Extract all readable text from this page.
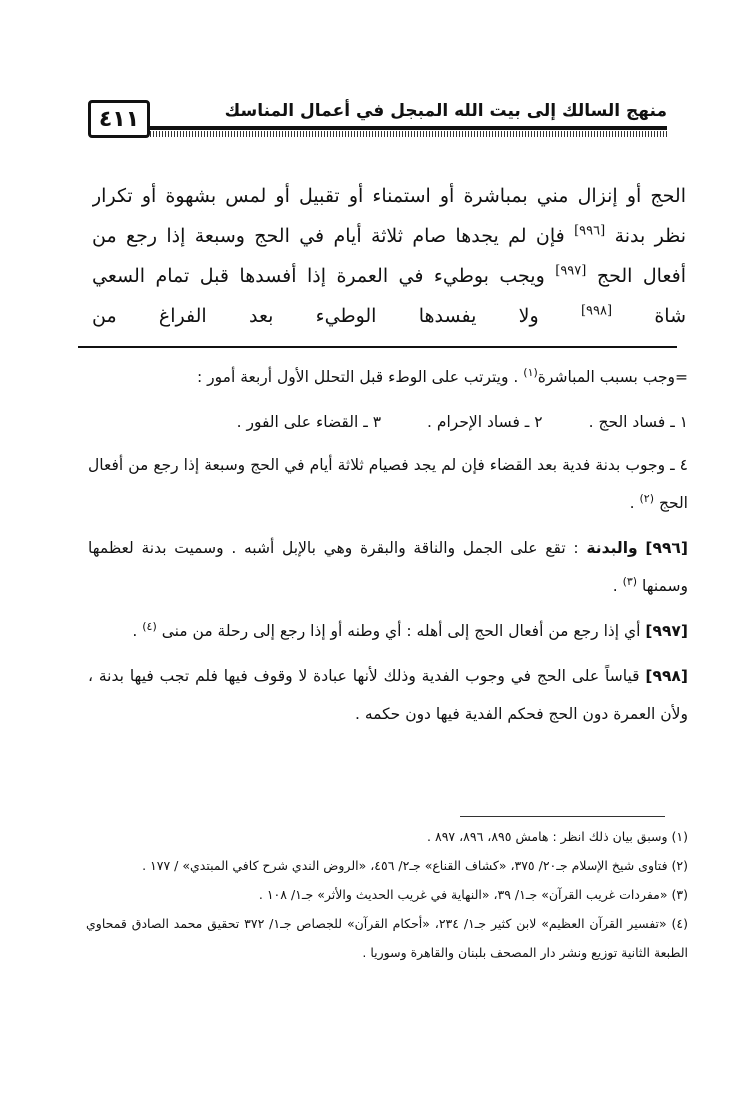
٤١١	منهج السالك إلى بيت الله المبجل في أعمال المناسك
الحج أو إنزال مني بمباشرة أو استمناء أو تقبيل أو لمس بشهوة أو تكرار
نظر بدنة [٩٩٦] فإن لم يجدها صام ثلاثة أيام في الحج وسبعة إذا رجع من
أفعال الحج [٩٩٧] ويجب بوطيء في العمرة إذا أفسدها قبل تمام السعي
شاة [٩٩٨] ولا يفسدها الوطيء بعد الفراغ من

=وجب بسبب المباشرة$^{(١)}$ . ويترتب على الوطء قبل التحلل الأول أربعة أمور :

١ ـ فساد الحج .
٢ ـ فساد الإحرام .
٣ ـ القضاء على الفور .

٤ ـ وجوب بدنة فدية بعد القضاء فإن لم يجد فصيام ثلاثة أيام في الحج وسبعة إذا رجع من أفعال الحج $^{(٢)}$ .

[٩٩٦] والبدنة : تقع على الجمل والناقة والبقرة وهي بالإبل أشبه . وسميت بدنة لعظمها وسمنها $^{(٣)}$ .

[٩٩٧] أي إذا رجع من أفعال الحج إلى أهله : أي وطنه أو إذا رجع إلى رحلة من منى $^{(٤)}$ .

[٩٩٨] قياساً على الحج في وجوب الفدية وذلك لأنها عبادة لا وقوف فيها فلم تجب فيها بدنة ، ولأن العمرة دون الحج فحكم الفدية فيها دون حكمه .

(١) وسبق بيان ذلك انظر : هامش ٨٩٥، ٨٩٦، ٨٩٧ .

(٢) فتاوى شيخ الإسلام جـ٢٠/ ٣٧٥، «كشاف القناع» جـ٢/ ٤٥٦، «الروض الندي شرح كافي المبتدي» / ١٧٧ .

(٣) «مفردات غريب القرآن» جـ١/ ٣٩، «النهاية في غريب الحديث والأثر» جـ١/ ١٠٨ .

(٤) «تفسير القرآن العظيم» لابن كثير جـ١/ ٢٣٤، «أحكام القرآن» للجصاص جـ١/ ٣٧٢ تحقيق محمد الصادق قمحاوي الطبعة الثانية توزيع ونشر دار المصحف بلبنان والقاهرة وسوريا .
